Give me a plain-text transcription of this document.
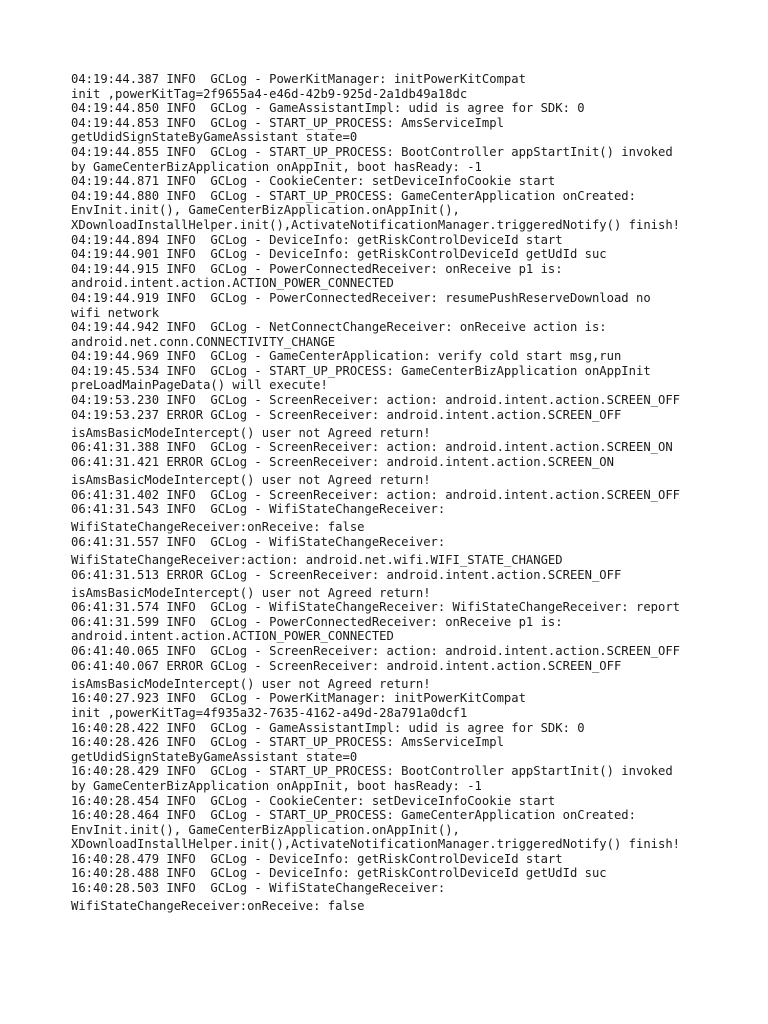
04:19:44.387 INFO  GCLog - PowerKitManager: initPowerKitCompat
init ,powerKitTag=2f9655a4-e46d-42b9-925d-2a1db49a18dc
04:19:44.850 INFO  GCLog - GameAssistantImpl: udid is agree for SDK: 0
04:19:44.853 INFO  GCLog - START_UP_PROCESS: AmsServiceImpl
getUdidSignStateByGameAssistant state=0
04:19:44.855 INFO  GCLog - START_UP_PROCESS: BootController appStartInit() invoked
by GameCenterBizApplication onAppInit, boot hasReady: -1
04:19:44.871 INFO  GCLog - CookieCenter: setDeviceInfoCookie start
04:19:44.880 INFO  GCLog - START_UP_PROCESS: GameCenterApplication onCreated:
EnvInit.init(), GameCenterBizApplication.onAppInit(),
XDownloadInstallHelper.init(),ActivateNotificationManager.triggeredNotify() finish!
04:19:44.894 INFO  GCLog - DeviceInfo: getRiskControlDeviceId start
04:19:44.901 INFO  GCLog - DeviceInfo: getRiskControlDeviceId getUdId suc
04:19:44.915 INFO  GCLog - PowerConnectedReceiver: onReceive p1 is:
android.intent.action.ACTION_POWER_CONNECTED
04:19:44.919 INFO  GCLog - PowerConnectedReceiver: resumePushReserveDownload no
wifi network
04:19:44.942 INFO  GCLog - NetConnectChangeReceiver: onReceive action is:
android.net.conn.CONNECTIVITY_CHANGE
04:19:44.969 INFO  GCLog - GameCenterApplication: verify cold start msg,run
04:19:45.534 INFO  GCLog - START_UP_PROCESS: GameCenterBizApplication onAppInit
preLoadMainPageData() will execute!
04:19:53.230 INFO  GCLog - ScreenReceiver: action: android.intent.action.SCREEN_OFF
04:19:53.237 ERROR GCLog - ScreenReceiver: android.intent.action.SCREEN_OFF
isAmsBasicModeIntercept() user not Agreed return!
06:41:31.388 INFO  GCLog - ScreenReceiver: action: android.intent.action.SCREEN_ON
06:41:31.421 ERROR GCLog - ScreenReceiver: android.intent.action.SCREEN_ON
isAmsBasicModeIntercept() user not Agreed return!
06:41:31.402 INFO  GCLog - ScreenReceiver: action: android.intent.action.SCREEN_OFF
06:41:31.543 INFO  GCLog - WifiStateChangeReceiver:
WifiStateChangeReceiver:onReceive: false
06:41:31.557 INFO  GCLog - WifiStateChangeReceiver:
WifiStateChangeReceiver:action: android.net.wifi.WIFI_STATE_CHANGED
06:41:31.513 ERROR GCLog - ScreenReceiver: android.intent.action.SCREEN_OFF
isAmsBasicModeIntercept() user not Agreed return!
06:41:31.574 INFO  GCLog - WifiStateChangeReceiver: WifiStateChangeReceiver: report
06:41:31.599 INFO  GCLog - PowerConnectedReceiver: onReceive p1 is:
android.intent.action.ACTION_POWER_CONNECTED
06:41:40.065 INFO  GCLog - ScreenReceiver: action: android.intent.action.SCREEN_OFF
06:41:40.067 ERROR GCLog - ScreenReceiver: android.intent.action.SCREEN_OFF
isAmsBasicModeIntercept() user not Agreed return!
16:40:27.923 INFO  GCLog - PowerKitManager: initPowerKitCompat
init ,powerKitTag=4f935a32-7635-4162-a49d-28a791a0dcf1
16:40:28.422 INFO  GCLog - GameAssistantImpl: udid is agree for SDK: 0
16:40:28.426 INFO  GCLog - START_UP_PROCESS: AmsServiceImpl
getUdidSignStateByGameAssistant state=0
16:40:28.429 INFO  GCLog - START_UP_PROCESS: BootController appStartInit() invoked
by GameCenterBizApplication onAppInit, boot hasReady: -1
16:40:28.454 INFO  GCLog - CookieCenter: setDeviceInfoCookie start
16:40:28.464 INFO  GCLog - START_UP_PROCESS: GameCenterApplication onCreated:
EnvInit.init(), GameCenterBizApplication.onAppInit(),
XDownloadInstallHelper.init(),ActivateNotificationManager.triggeredNotify() finish!
16:40:28.479 INFO  GCLog - DeviceInfo: getRiskControlDeviceId start
16:40:28.488 INFO  GCLog - DeviceInfo: getRiskControlDeviceId getUdId suc
16:40:28.503 INFO  GCLog - WifiStateChangeReceiver:
WifiStateChangeReceiver:onReceive: false
